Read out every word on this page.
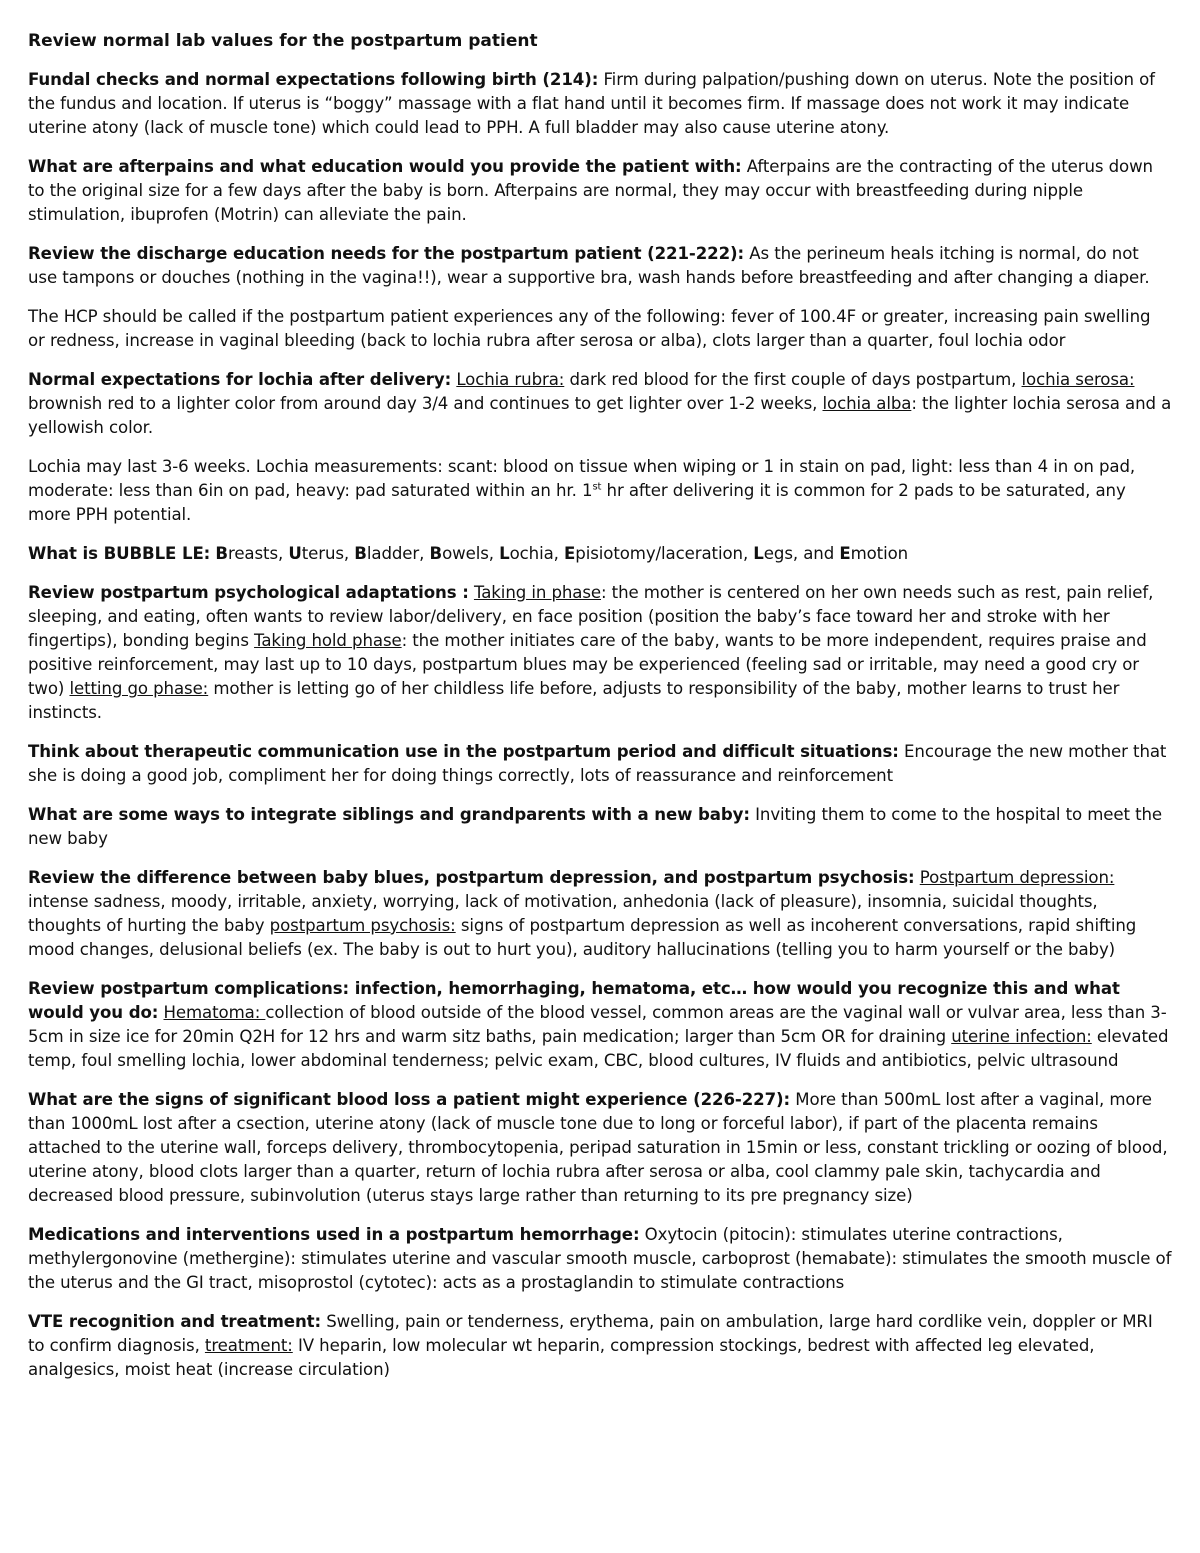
Review normal lab values for the postpartum patient

Fundal checks and normal expectations following birth (214): Firm during palpation/pushing down on uterus. Note the position of the fundus and location. If uterus is “boggy” massage with a flat hand until it becomes firm. If massage does not work it may indicate uterine atony (lack of muscle tone) which could lead to PPH. A full bladder may also cause uterine atony.

What are afterpains and what education would you provide the patient with: Afterpains are the contracting of the uterus down to the original size for a few days after the baby is born. Afterpains are normal, they may occur with breastfeeding during nipple stimulation, ibuprofen (Motrin) can alleviate the pain.

Review the discharge education needs for the postpartum patient (221-222): As the perineum heals itching is normal, do not use tampons or douches (nothing in the vagina!!), wear a supportive bra, wash hands before breastfeeding and after changing a diaper.

The HCP should be called if the postpartum patient experiences any of the following: fever of 100.4F or greater, increasing pain swelling or redness, increase in vaginal bleeding (back to lochia rubra after serosa or alba), clots larger than a quarter, foul lochia odor

Normal expectations for lochia after delivery: Lochia rubra: dark red blood for the first couple of days postpartum, lochia serosa: brownish red to a lighter color from around day 3/4 and continues to get lighter over 1-2 weeks, lochia alba: the lighter lochia serosa and a yellowish color.

Lochia may last 3-6 weeks. Lochia measurements: scant: blood on tissue when wiping or 1 in stain on pad, light: less than 4 in on pad, moderate: less than 6in on pad, heavy: pad saturated within an hr. 1st hr after delivering it is common for 2 pads to be saturated, any more PPH potential.

What is BUBBLE LE: Breasts, Uterus, Bladder, Bowels, Lochia, Episiotomy/laceration, Legs, and Emotion

Review postpartum psychological adaptations : Taking in phase: the mother is centered on her own needs such as rest, pain relief, sleeping, and eating, often wants to review labor/delivery, en face position (position the baby’s face toward her and stroke with her fingertips), bonding begins Taking hold phase: the mother initiates care of the baby, wants to be more independent, requires praise and positive reinforcement, may last up to 10 days, postpartum blues may be experienced (feeling sad or irritable, may need a good cry or two) letting go phase: mother is letting go of her childless life before, adjusts to responsibility of the baby, mother learns to trust her instincts.

Think about therapeutic communication use in the postpartum period and difficult situations: Encourage the new mother that she is doing a good job, compliment her for doing things correctly, lots of reassurance and reinforcement

What are some ways to integrate siblings and grandparents with a new baby: Inviting them to come to the hospital to meet the new baby

Review the difference between baby blues, postpartum depression, and postpartum psychosis: Postpartum depression: intense sadness, moody, irritable, anxiety, worrying, lack of motivation, anhedonia (lack of pleasure), insomnia, suicidal thoughts, thoughts of hurting the baby postpartum psychosis: signs of postpartum depression as well as incoherent conversations, rapid shifting mood changes, delusional beliefs (ex. The baby is out to hurt you), auditory hallucinations (telling you to harm yourself or the baby)

Review postpartum complications: infection, hemorrhaging, hematoma, etc… how would you recognize this and what would you do: Hematoma: collection of blood outside of the blood vessel, common areas are the vaginal wall or vulvar area, less than 3-5cm in size ice for 20min Q2H for 12 hrs and warm sitz baths, pain medication; larger than 5cm OR for draining uterine infection: elevated temp, foul smelling lochia, lower abdominal tenderness; pelvic exam, CBC, blood cultures, IV fluids and antibiotics, pelvic ultrasound

What are the signs of significant blood loss a patient might experience (226-227): More than 500mL lost after a vaginal, more than 1000mL lost after a csection, uterine atony (lack of muscle tone due to long or forceful labor), if part of the placenta remains attached to the uterine wall, forceps delivery, thrombocytopenia, peripad saturation in 15min or less, constant trickling or oozing of blood, uterine atony, blood clots larger than a quarter, return of lochia rubra after serosa or alba, cool clammy pale skin, tachycardia and decreased blood pressure, subinvolution (uterus stays large rather than returning to its pre pregnancy size)

Medications and interventions used in a postpartum hemorrhage: Oxytocin (pitocin): stimulates uterine contractions, methylergonovine (methergine): stimulates uterine and vascular smooth muscle, carboprost (hemabate): stimulates the smooth muscle of the uterus and the GI tract, misoprostol (cytotec): acts as a prostaglandin to stimulate contractions

VTE recognition and treatment: Swelling, pain or tenderness, erythema, pain on ambulation, large hard cordlike vein, doppler or MRI to confirm diagnosis, treatment: IV heparin, low molecular wt heparin, compression stockings, bedrest with affected leg elevated, analgesics, moist heat (increase circulation)
